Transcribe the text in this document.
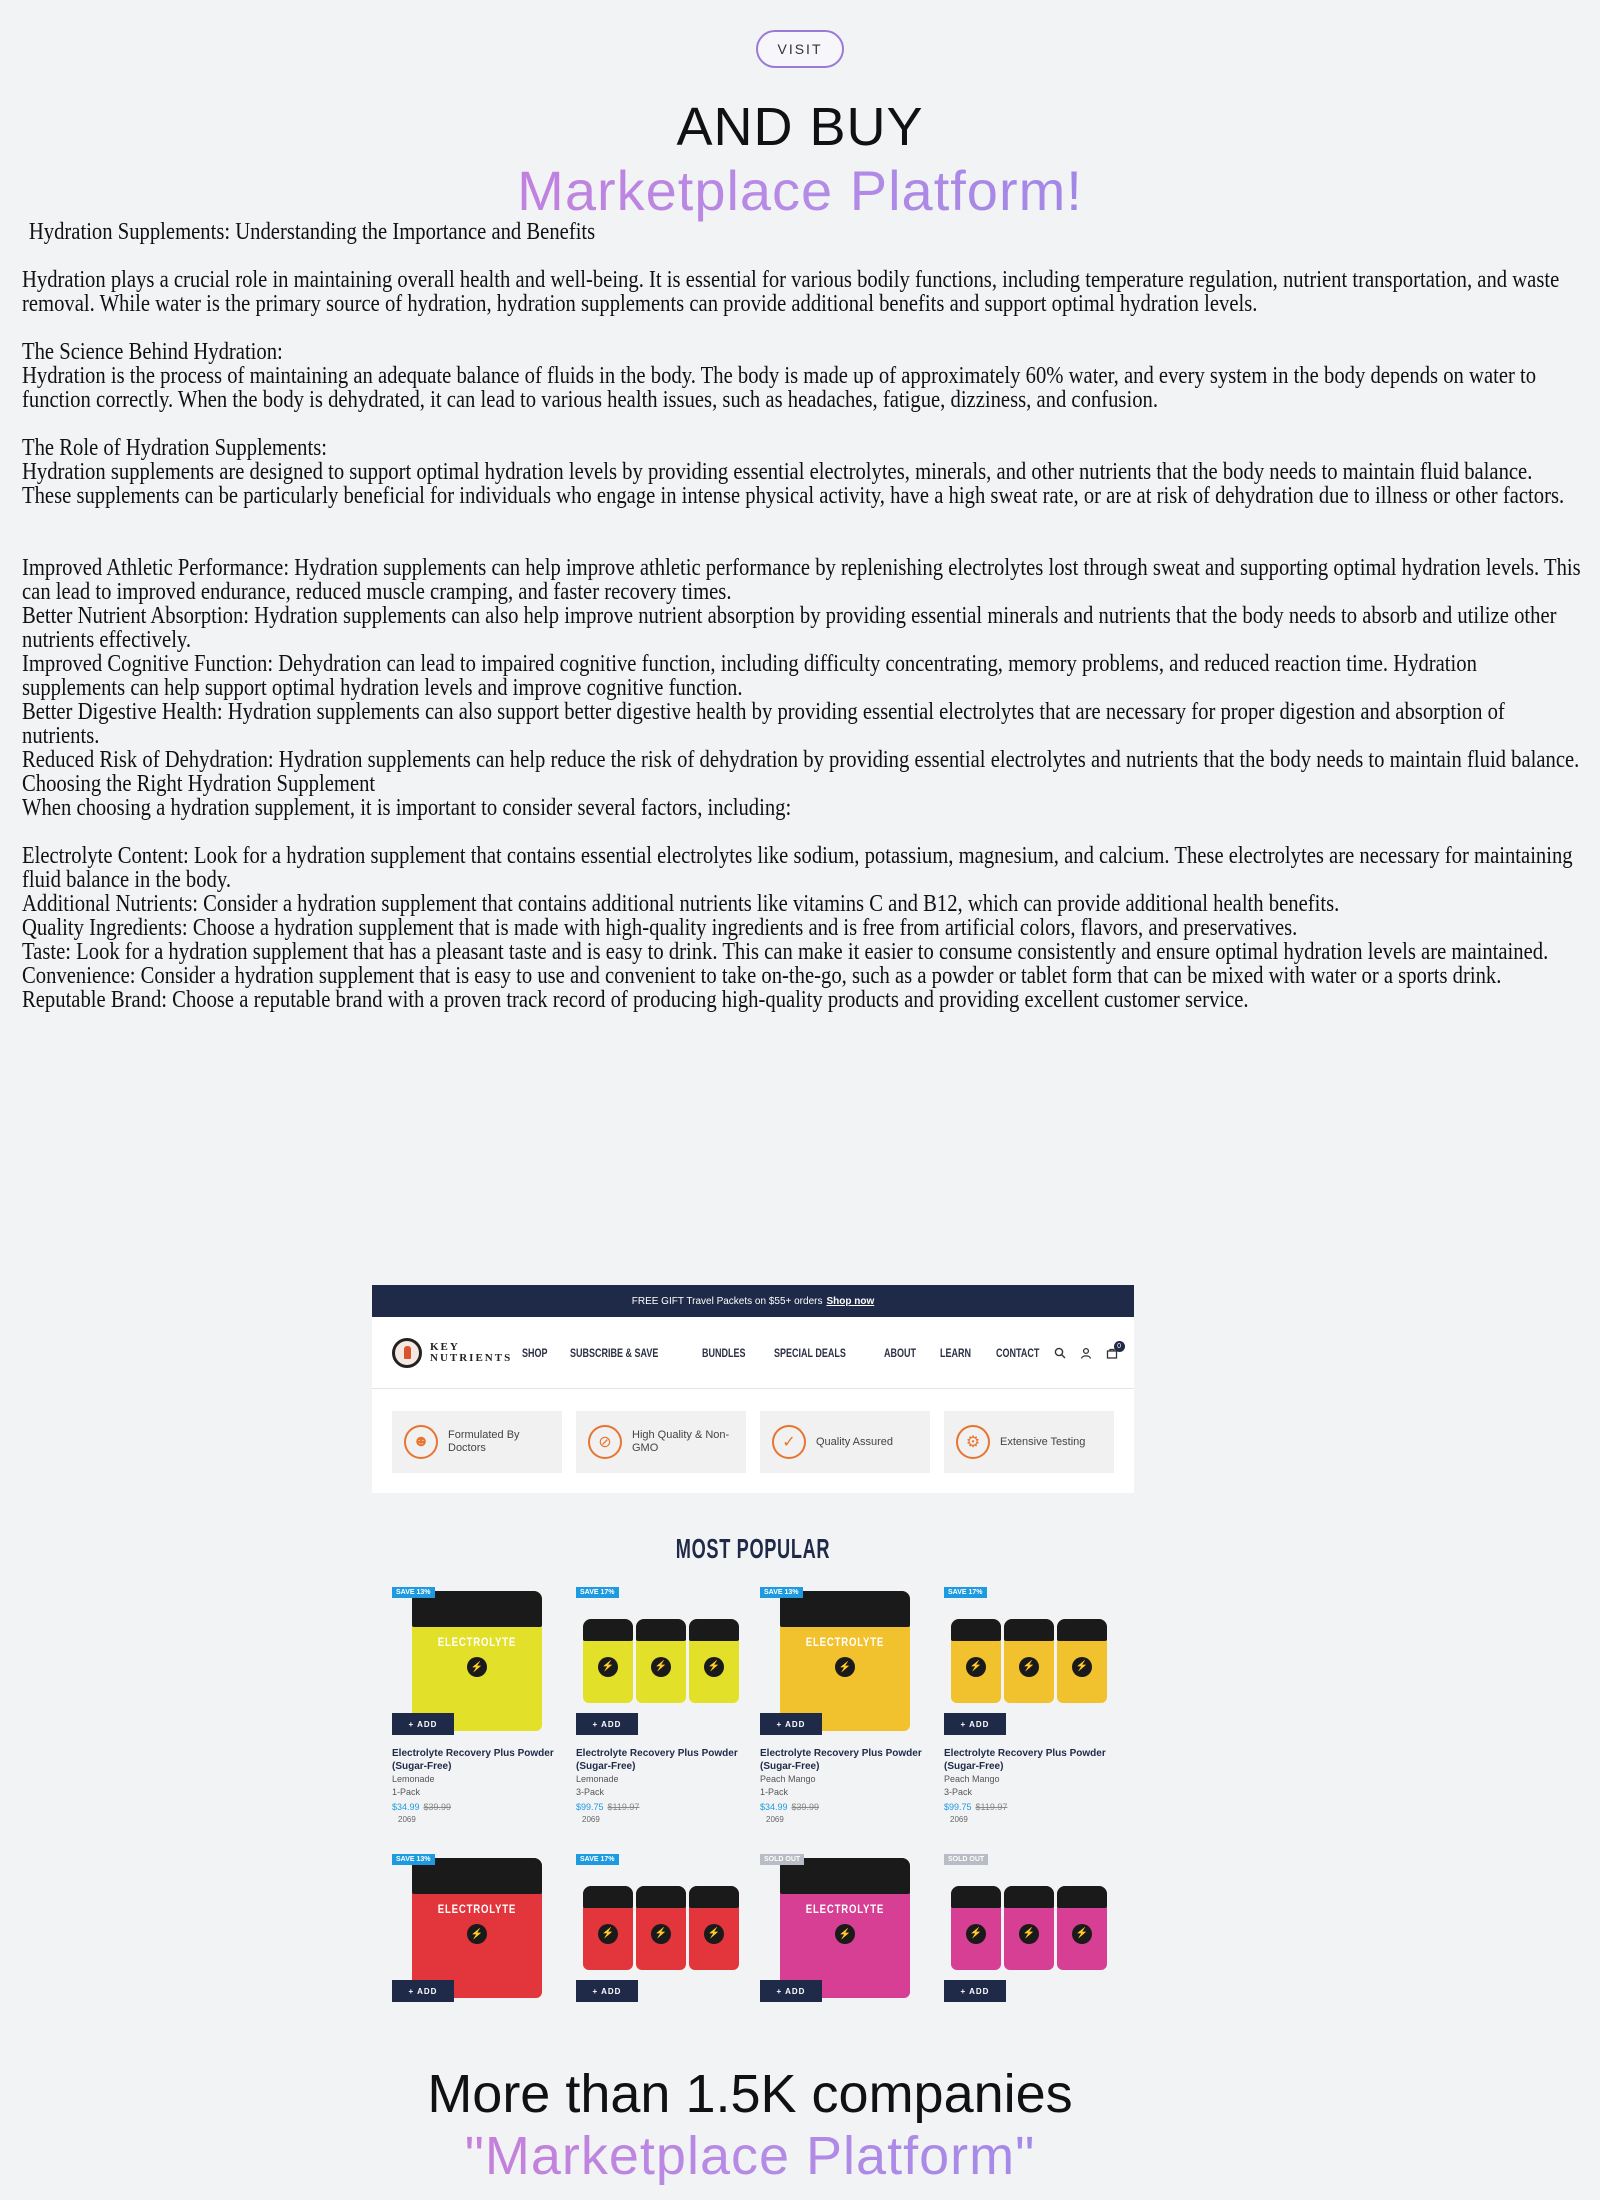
VISIT
AND BUY
Marketplace Platform!

Hydration Supplements: Understanding the Importance and Benefits

Hydration plays a crucial role in maintaining overall health and well-being. It is essential for various bodily functions, including temperature regulation, nutrient transportation, and waste removal. While water is the primary source of hydration, hydration supplements can provide additional benefits and support optimal hydration levels.

The Science Behind Hydration:

Hydration is the process of maintaining an adequate balance of fluids in the body. The body is made up of approximately 60% water, and every system in the body depends on water to function correctly. When the body is dehydrated, it can lead to various health issues, such as headaches, fatigue, dizziness, and confusion.

The Role of Hydration Supplements:

Hydration supplements are designed to support optimal hydration levels by providing essential electrolytes, minerals, and other nutrients that the body needs to maintain fluid balance. These supplements can be particularly beneficial for individuals who engage in intense physical activity, have a high sweat rate, or are at risk of dehydration due to illness or other factors.

Improved Athletic Performance: Hydration supplements can help improve athletic performance by replenishing electrolytes lost through sweat and supporting optimal hydration levels. This can lead to improved endurance, reduced muscle cramping, and faster recovery times.

Better Nutrient Absorption: Hydration supplements can also help improve nutrient absorption by providing essential minerals and nutrients that the body needs to absorb and utilize other nutrients effectively.

Improved Cognitive Function: Dehydration can lead to impaired cognitive function, including difficulty concentrating, memory problems, and reduced reaction time. Hydration supplements can help support optimal hydration levels and improve cognitive function.

Better Digestive Health: Hydration supplements can also support better digestive health by providing essential electrolytes that are necessary for proper digestion and absorption of nutrients.

Reduced Risk of Dehydration: Hydration supplements can help reduce the risk of dehydration by providing essential electrolytes and nutrients that the body needs to maintain fluid balance.

Choosing the Right Hydration Supplement

When choosing a hydration supplement, it is important to consider several factors, including:

Electrolyte Content: Look for a hydration supplement that contains essential electrolytes like sodium, potassium, magnesium, and calcium. These electrolytes are necessary for maintaining fluid balance in the body.

Additional Nutrients: Consider a hydration supplement that contains additional nutrients like vitamins C and B12, which can provide additional health benefits.

Quality Ingredients: Choose a hydration supplement that is made with high-quality ingredients and is free from artificial colors, flavors, and preservatives.

Taste: Look for a hydration supplement that has a pleasant taste and is easy to drink. This can make it easier to consume consistently and ensure optimal hydration levels are maintained.

Convenience: Consider a hydration supplement that is easy to use and convenient to take on-the-go, such as a powder or tablet form that can be mixed with water or a sports drink.

Reputable Brand: Choose a reputable brand with a proven track record of producing high-quality products and providing excellent customer service.

FREE GIFT Travel Packets on $55+ orders Shop now
KEY
NUTRIENTS SHOP SUBSCRIBE & SAVE	BUNDLES SPECIAL DEALS	ABOUT LEARN CONTACT	0
☻	Formulated By Doctors	⊘	High Quality & Non-GMO	✓	Quality Assured	⚙	Extensive Testing
MOST POPULAR
SAVE 13%
ELECTROLYTE
⚡
+ ADD
Electrolyte Recovery Plus Powder (Sugar-Free)
Lemonade
1-Pack
$34.99 $39.99
2069
SAVE 17%
⚡	⚡	⚡
+ ADD
Electrolyte Recovery Plus Powder (Sugar-Free)
Lemonade
3-Pack
$99.75 $119.97
2069
SAVE 13%
ELECTROLYTE
⚡
+ ADD
Electrolyte Recovery Plus Powder (Sugar-Free)
Peach Mango
1-Pack
$34.99 $39.99
2069
SAVE 17%
⚡	⚡	⚡
+ ADD
Electrolyte Recovery Plus Powder (Sugar-Free)
Peach Mango
3-Pack
$99.75 $119.97
2069
SAVE 13%
ELECTROLYTE
⚡
+ ADD
SAVE 17%
⚡	⚡	⚡
+ ADD
SOLD OUT
ELECTROLYTE
⚡
+ ADD
SOLD OUT
⚡	⚡	⚡
+ ADD
More than 1.5K companies
"Marketplace Platform"
